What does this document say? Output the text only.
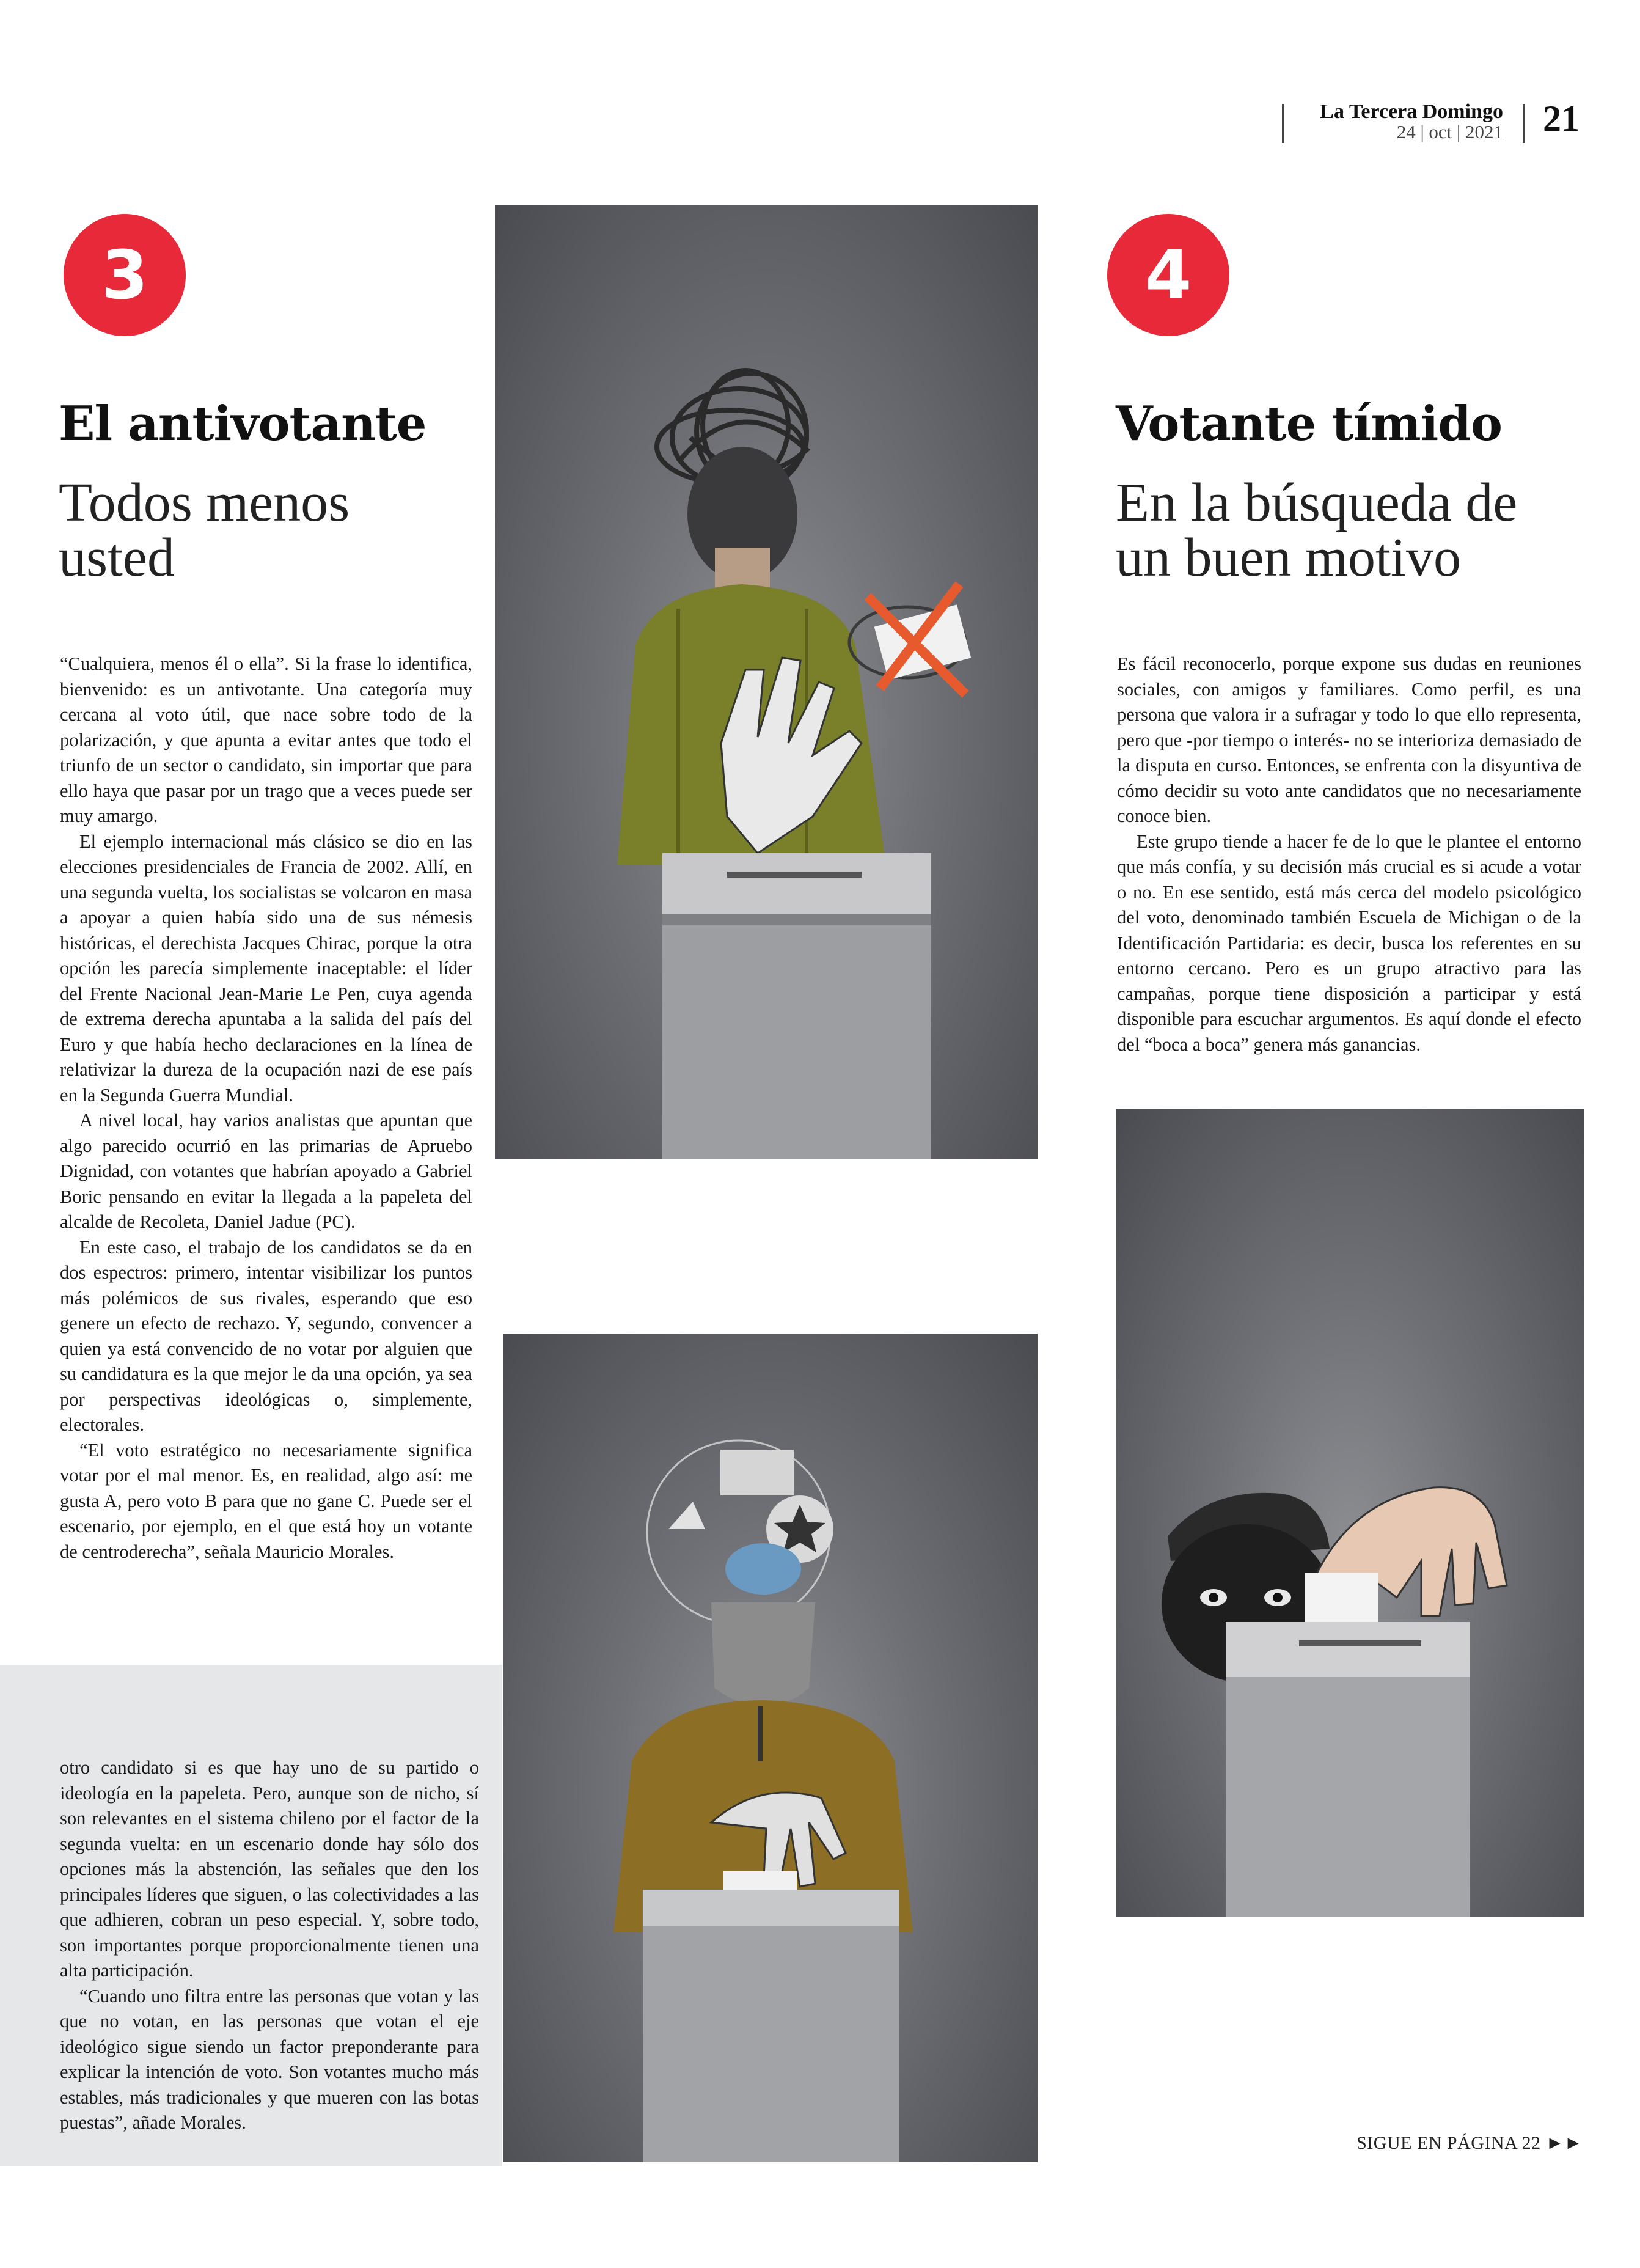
La Tercera Domingo
24 | oct | 2021 21
3
El antivotante
Todos menos usted

“Cualquiera, menos él o ella”. Si la frase lo identifica, bienvenido: es un antivotante. Una categoría muy cercana al voto útil, que nace sobre todo de la polarización, y que apunta a evitar antes que todo el triunfo de un sector o candidato, sin importar que para ello haya que pasar por un trago que a veces puede ser muy amargo.

El ejemplo internacional más clásico se dio en las elecciones presidenciales de Francia de 2002. Allí, en una segunda vuelta, los socialistas se volcaron en masa a apoyar a quien había sido una de sus némesis históricas, el derechista Jacques Chirac, porque la otra opción les parecía simplemente inaceptable: el líder del Frente Nacional Jean-Marie Le Pen, cuya agenda de extrema derecha apuntaba a la salida del país del Euro y que había hecho declaraciones en la línea de relativizar la dureza de la ocupación nazi de ese país en la Segunda Guerra Mundial.

A nivel local, hay varios analistas que apuntan que algo parecido ocurrió en las primarias de Apruebo Dignidad, con votantes que habrían apoyado a Gabriel Boric pensando en evitar la llegada a la papeleta del alcalde de Recoleta, Daniel Jadue (PC).

En este caso, el trabajo de los candidatos se da en dos espectros: primero, intentar visibilizar los puntos más polémicos de sus rivales, esperando que eso genere un efecto de rechazo. Y, segundo, convencer a quien ya está convencido de no votar por alguien que su candidatura es la que mejor le da una opción, ya sea por perspectivas ideológicas o, simplemente, electorales.

“El voto estratégico no necesariamente significa votar por el mal menor. Es, en realidad, algo así: me gusta A, pero voto B para que no gane C. Puede ser el escenario, por ejemplo, en el que está hoy un votante de centroderecha”, señala Mauricio Morales.

otro candidato si es que hay uno de su partido o ideología en la papeleta. Pero, aunque son de nicho, sí son relevantes en el sistema chileno por el factor de la segunda vuelta: en un escenario donde hay sólo dos opciones más la abstención, las señales que den los principales líderes que siguen, o las colectividades a las que adhieren, cobran un peso especial. Y, sobre todo, son importantes porque proporcionalmente tienen una alta participación.

“Cuando uno filtra entre las personas que votan y las que no votan, en las personas que votan el eje ideológico sigue siendo un factor preponderante para explicar la intención de voto. Son votantes mucho más estables, más tradicionales y que mueren con las botas puestas”, añade Morales.

4
Votante tímido
En la búsqueda de un buen motivo

Es fácil reconocerlo, porque expone sus dudas en reuniones sociales, con amigos y familiares. Como perfil, es una persona que valora ir a sufragar y todo lo que ello representa, pero que -por tiempo o interés- no se interioriza demasiado de la disputa en curso. Entonces, se enfrenta con la disyuntiva de cómo decidir su voto ante candidatos que no necesariamente conoce bien.

Este grupo tiende a hacer fe de lo que le plantee el entorno que más confía, y su decisión más crucial es si acude a votar o no. En ese sentido, está más cerca del modelo psicológico del voto, denominado también Escuela de Michigan o de la Identificación Partidaria: es decir, busca los referentes en su entorno cercano. Pero es un grupo atractivo para las campañas, porque tiene disposición a participar y está disponible para escuchar argumentos. Es aquí donde el efecto del “boca a boca” genera más ganancias.

SIGUE EN PÁGINA 22 ►►
